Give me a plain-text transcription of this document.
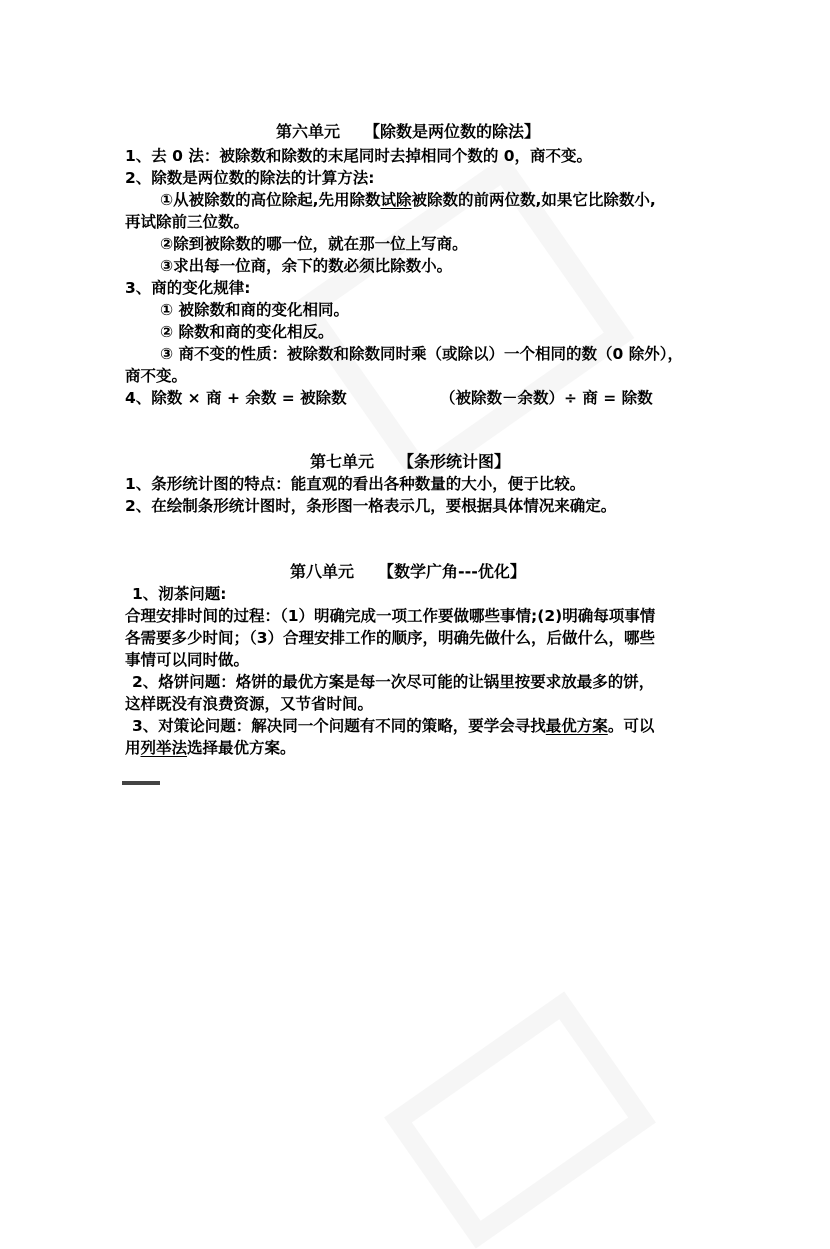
第六单元　　【除数是两位数的除法】
1、去 0 法：被除数和除数的末尾同时去掉相同个数的 0，商不变。
2、除数是两位数的除法的计算方法:
①从被除数的高位除起,先用除数试除被除数的前两位数,如果它比除数小,
再试除前三位数。
②除到被除数的哪一位，就在那一位上写商。
③求出每一位商，余下的数必须比除数小。
3、商的变化规律:
① 被除数和商的变化相同。
② 除数和商的变化相反。
③ 商不变的性质：被除数和除数同时乘（或除以）一个相同的数（0 除外），
商不变。
4、除数 × 商 + 余数 = 被除数	（被除数－余数）÷ 商 = 除数
第七单元　　【条形统计图】
1、条形统计图的特点：能直观的看出各种数量的大小，便于比较。
2、在绘制条形统计图时，条形图一格表示几，要根据具体情况来确定。
第八单元　　【数学广角---优化】
1、沏茶问题:
合理安排时间的过程：（1）明确完成一项工作要做哪些事情;(2)明确每项事情
各需要多少时间；（3）合理安排工作的顺序，明确先做什么，后做什么，哪些
事情可以同时做。
2、烙饼问题：烙饼的最优方案是每一次尽可能的让锅里按要求放最多的饼，
这样既没有浪费资源，又节省时间。
3、对策论问题：解决同一个问题有不同的策略，要学会寻找最优方案。可以
用列举法选择最优方案。
